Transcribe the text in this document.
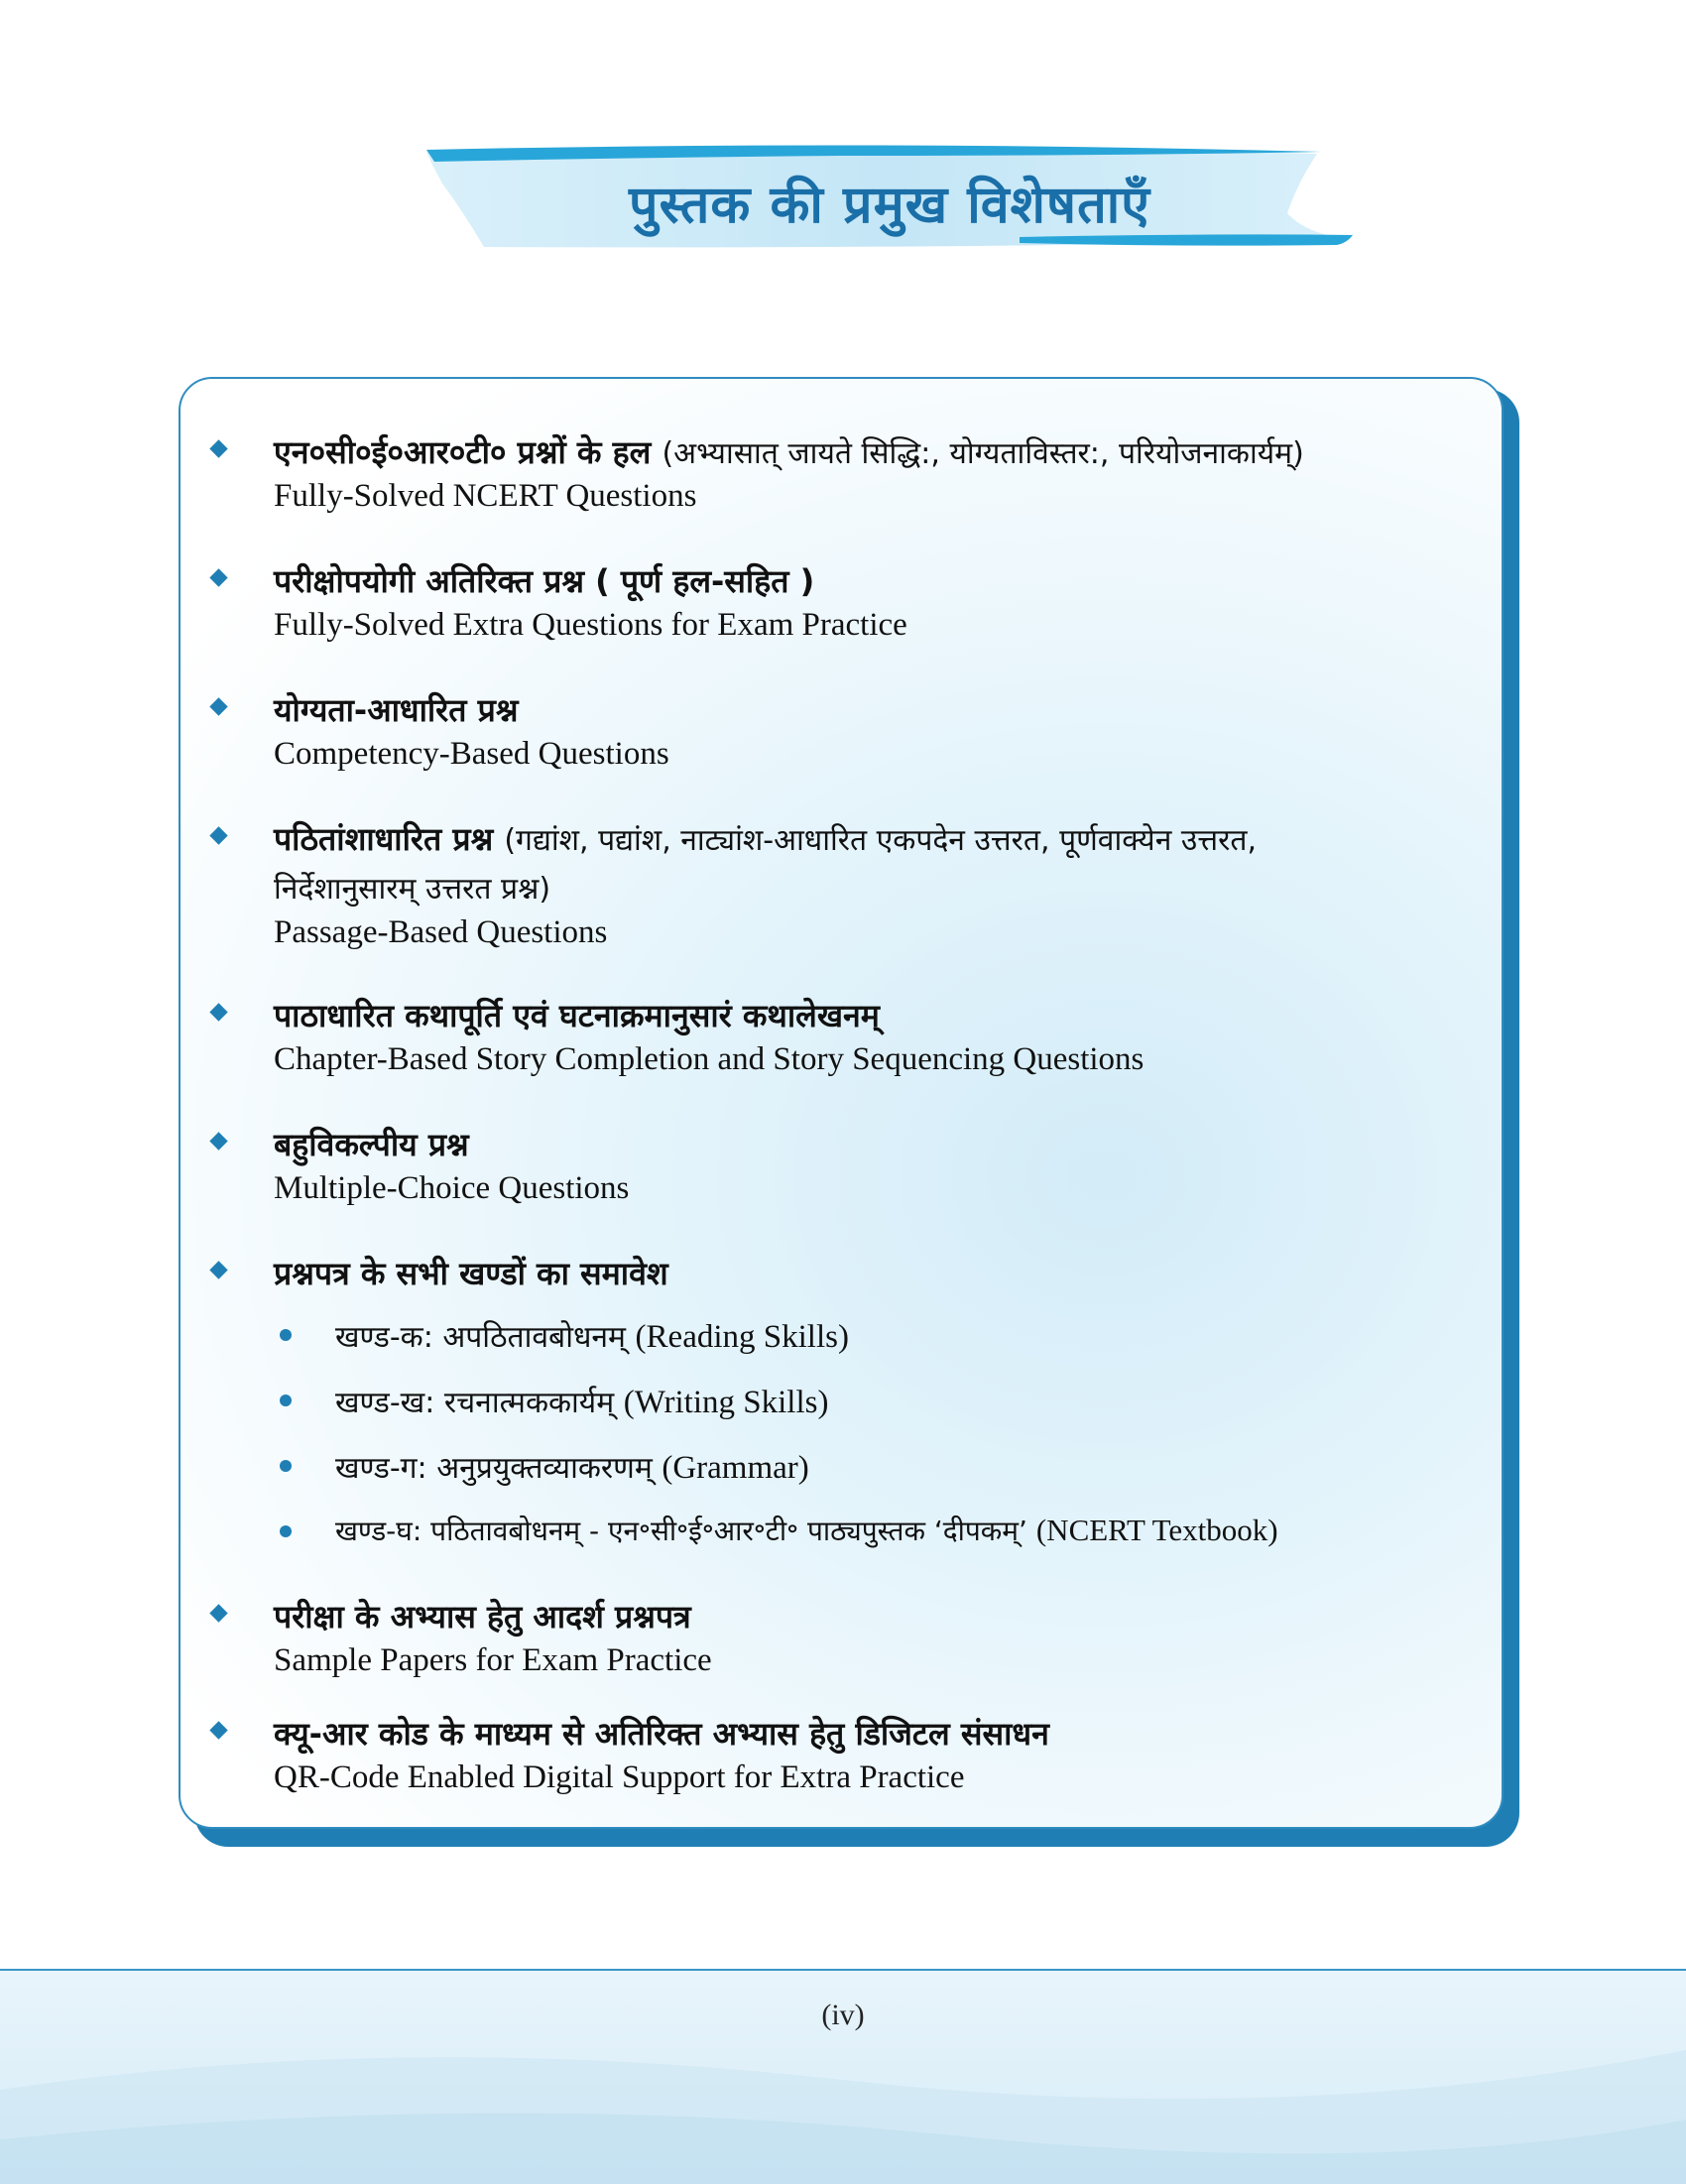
पुस्तक की प्रमुख विशेषताएँ
एन०सी०ई०आर०टी० प्रश्नों के हल (अभ्यासात् जायते सिद्धि:, योग्यताविस्तर:, परियोजनाकार्यम्)
Fully-Solved NCERT Questions
परीक्षोपयोगी अतिरिक्त प्रश्न ( पूर्ण हल-सहित )
Fully-Solved Extra Questions for Exam Practice
योग्यता-आधारित प्रश्न
Competency-Based Questions
पठितांशाधारित प्रश्न (गद्यांश, पद्यांश, नाट्यांश-आधारित एकपदेन उत्तरत, पूर्णवाक्येन उत्तरत,
निर्देशानुसारम् उत्तरत प्रश्न)
Passage-Based Questions
पाठाधारित कथापूर्ति एवं घटनाक्रमानुसारं कथालेखनम्
Chapter-Based Story Completion and Story Sequencing Questions
बहुविकल्पीय प्रश्न
Multiple-Choice Questions
प्रश्नपत्र के सभी खण्डों का समावेश
खण्ड-क: अपठितावबोधनम् (Reading Skills)
खण्ड-ख: रचनात्मककार्यम् (Writing Skills)
खण्ड-ग: अनुप्रयुक्तव्याकरणम् (Grammar)
खण्ड-घ: पठितावबोधनम् - एन॰सी॰ई॰आर॰टी॰ पाठ्यपुस्तक ‘दीपकम्’ (NCERT Textbook)
परीक्षा के अभ्यास हेतु आदर्श प्रश्नपत्र
Sample Papers for Exam Practice
क्यू-आर कोड के माध्यम से अतिरिक्त अभ्यास हेतु डिजिटल संसाधन
QR-Code Enabled Digital Support for Extra Practice
(iv)
